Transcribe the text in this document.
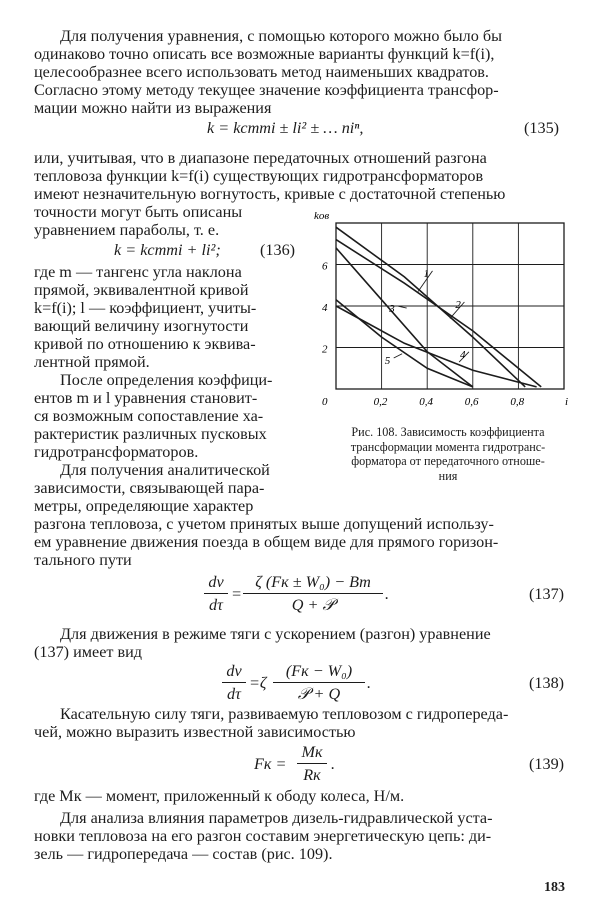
Для получения уравнения, с помощью которого можно было бы
одинаково точно описать все возможные варианты функций k=f(i),
целесообразнее всего использовать метод наименьших квадратов.
Согласно этому методу текущее значение коэффициента трансфор-
мации можно найти из выражения
k = kстmi ± li² ± … niⁿ,	(135)
или, учитывая, что в диапазоне передаточных отношений разгона
тепловоза функции k=f(i) существующих гидротрансформаторов
имеют незначительную вогнутость, кривые с достаточной степенью
точности могут быть описаны
уравнением параболы, т. е.
k = kстmi + li²; (136)
где m — тангенс угла наклона
прямой, эквивалентной кривой
k=f(i); l — коэффициент, учиты-
вающий величину изогнутости
кривой по отношению к эквива-
лентной прямой.
После определения коэффици-
ентов m и l уравнения становит-
ся возможным сопоставление ха-
рактеристик различных пусковых
гидротрансформаторов.
Для получения аналитической
зависимости, связывающей пара-
метры, определяющие характер
разгона тепловоза, с учетом принятых выше допущений использу-
ем уравнение движения поезда в общем виде для прямого горизон-
тального пути
2
4
6
0	0,2	0,4	0,6	0,8	i
kов
1
2
3
4
5
Рис. 108. Зависимость коэффициента
трансформации момента гидротранс-
форматора от передаточного отноше-
ния
dv
dτ
=
ζ (Fк ± W₀) − Bт
Q + 𝒫
.	(137)
Для движения в режиме тяги с ускорением (разгон) уравнение
(137) имеет вид
dv
dτ
=ζ
(Fк − W₀)
𝒫 + Q
.	(138)
Касательную силу тяги, развиваемую тепловозом с гидропереда-
чей, можно выразить известной зависимостью
Fк =
Mк
Rк
.	(139)
где Mк — момент, приложенный к ободу колеса, Н/м.
Для анализа влияния параметров дизель-гидравлической уста-
новки тепловоза на его разгон составим энергетическую цепь: ди-
зель — гидропередача — состав (рис. 109).
183
